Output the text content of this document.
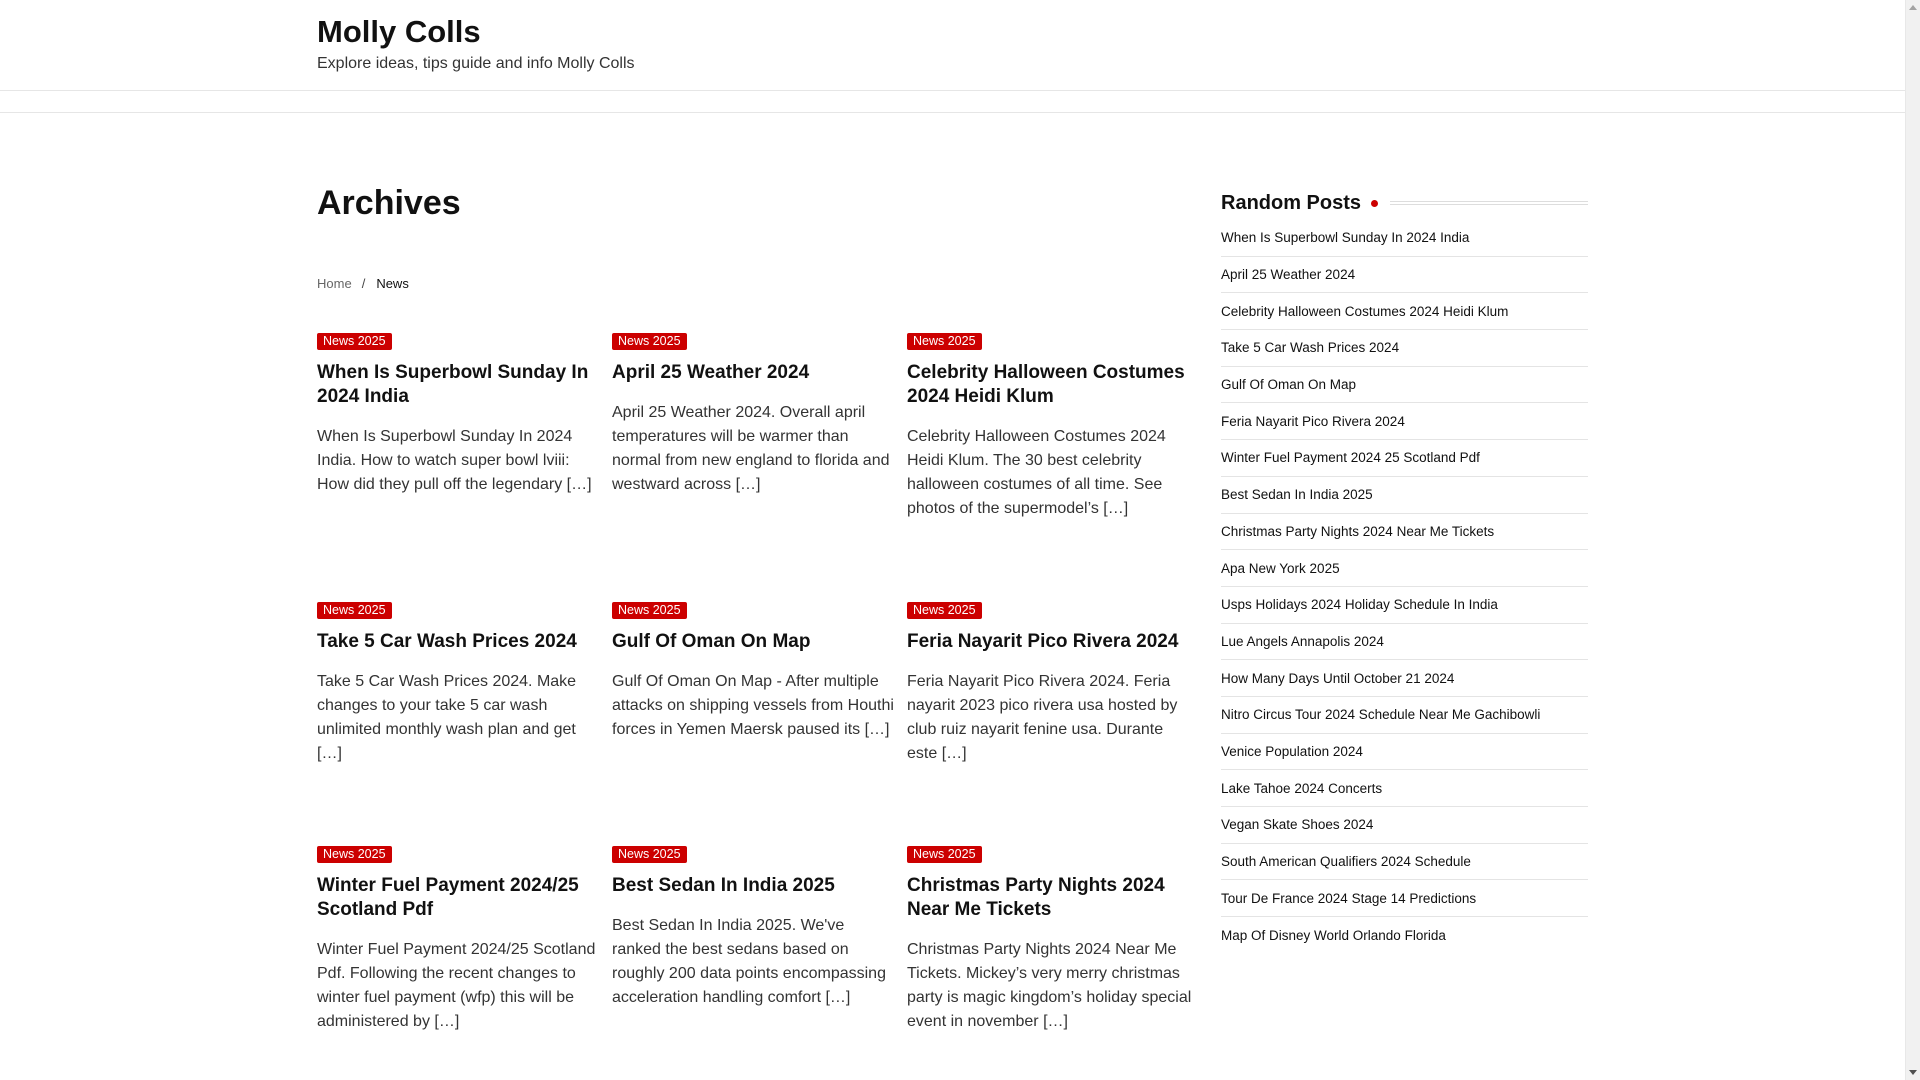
Molly Colls
Explore ideas, tips guide and info Molly Colls
Archives
Home / News
News 2025
When Is Superbowl Sunday In 2024 India

When Is Superbowl Sunday In 2024 India. How to watch super bowl lviii: How did they pull off the legendary […]

News 2025
April 25 Weather 2024

April 25 Weather 2024. Overall april temperatures will be warmer than normal from new england to florida and westward across […]

News 2025
Celebrity Halloween Costumes 2024 Heidi Klum

Celebrity Halloween Costumes 2024 Heidi Klum. The 30 best celebrity halloween costumes of all time. See photos of the supermodel’s […]

News 2025
Take 5 Car Wash Prices 2024

Take 5 Car Wash Prices 2024. Make changes to your take 5 car wash unlimited monthly wash plan and get […]

News 2025
Gulf Of Oman On Map

Gulf Of Oman On Map - After multiple attacks on shipping vessels from Houthi forces in Yemen Maersk paused its […]

News 2025
Feria Nayarit Pico Rivera 2024

Feria Nayarit Pico Rivera 2024. Feria nayarit 2023 pico rivera usa hosted by club ruiz nayarit fenine usa. Durante este […]

News 2025
Winter Fuel Payment 2024/25 Scotland Pdf

Winter Fuel Payment 2024/25 Scotland Pdf. Following the recent changes to winter fuel payment (wfp) this will be administered by […]

News 2025
Best Sedan In India 2025

Best Sedan In India 2025. We've ranked the best sedans based on roughly 200 data points encompassing acceleration handling comfort […]

News 2025
Christmas Party Nights 2024 Near Me Tickets

Christmas Party Nights 2024 Near Me Tickets. Mickey’s very merry christmas party is magic kingdom’s holiday special event in november […]

Random Posts
When Is Superbowl Sunday In 2024 India
April 25 Weather 2024
Celebrity Halloween Costumes 2024 Heidi Klum
Take 5 Car Wash Prices 2024
Gulf Of Oman On Map
Feria Nayarit Pico Rivera 2024
Winter Fuel Payment 2024 25 Scotland Pdf
Best Sedan In India 2025
Christmas Party Nights 2024 Near Me Tickets
Apa New York 2025
Usps Holidays 2024 Holiday Schedule In India
Lue Angels Annapolis 2024
How Many Days Until October 21 2024
Nitro Circus Tour 2024 Schedule Near Me Gachibowli
Venice Population 2024
Lake Tahoe 2024 Concerts
Vegan Skate Shoes 2024
South American Qualifiers 2024 Schedule
Tour De France 2024 Stage 14 Predictions
Map Of Disney World Orlando Florida
